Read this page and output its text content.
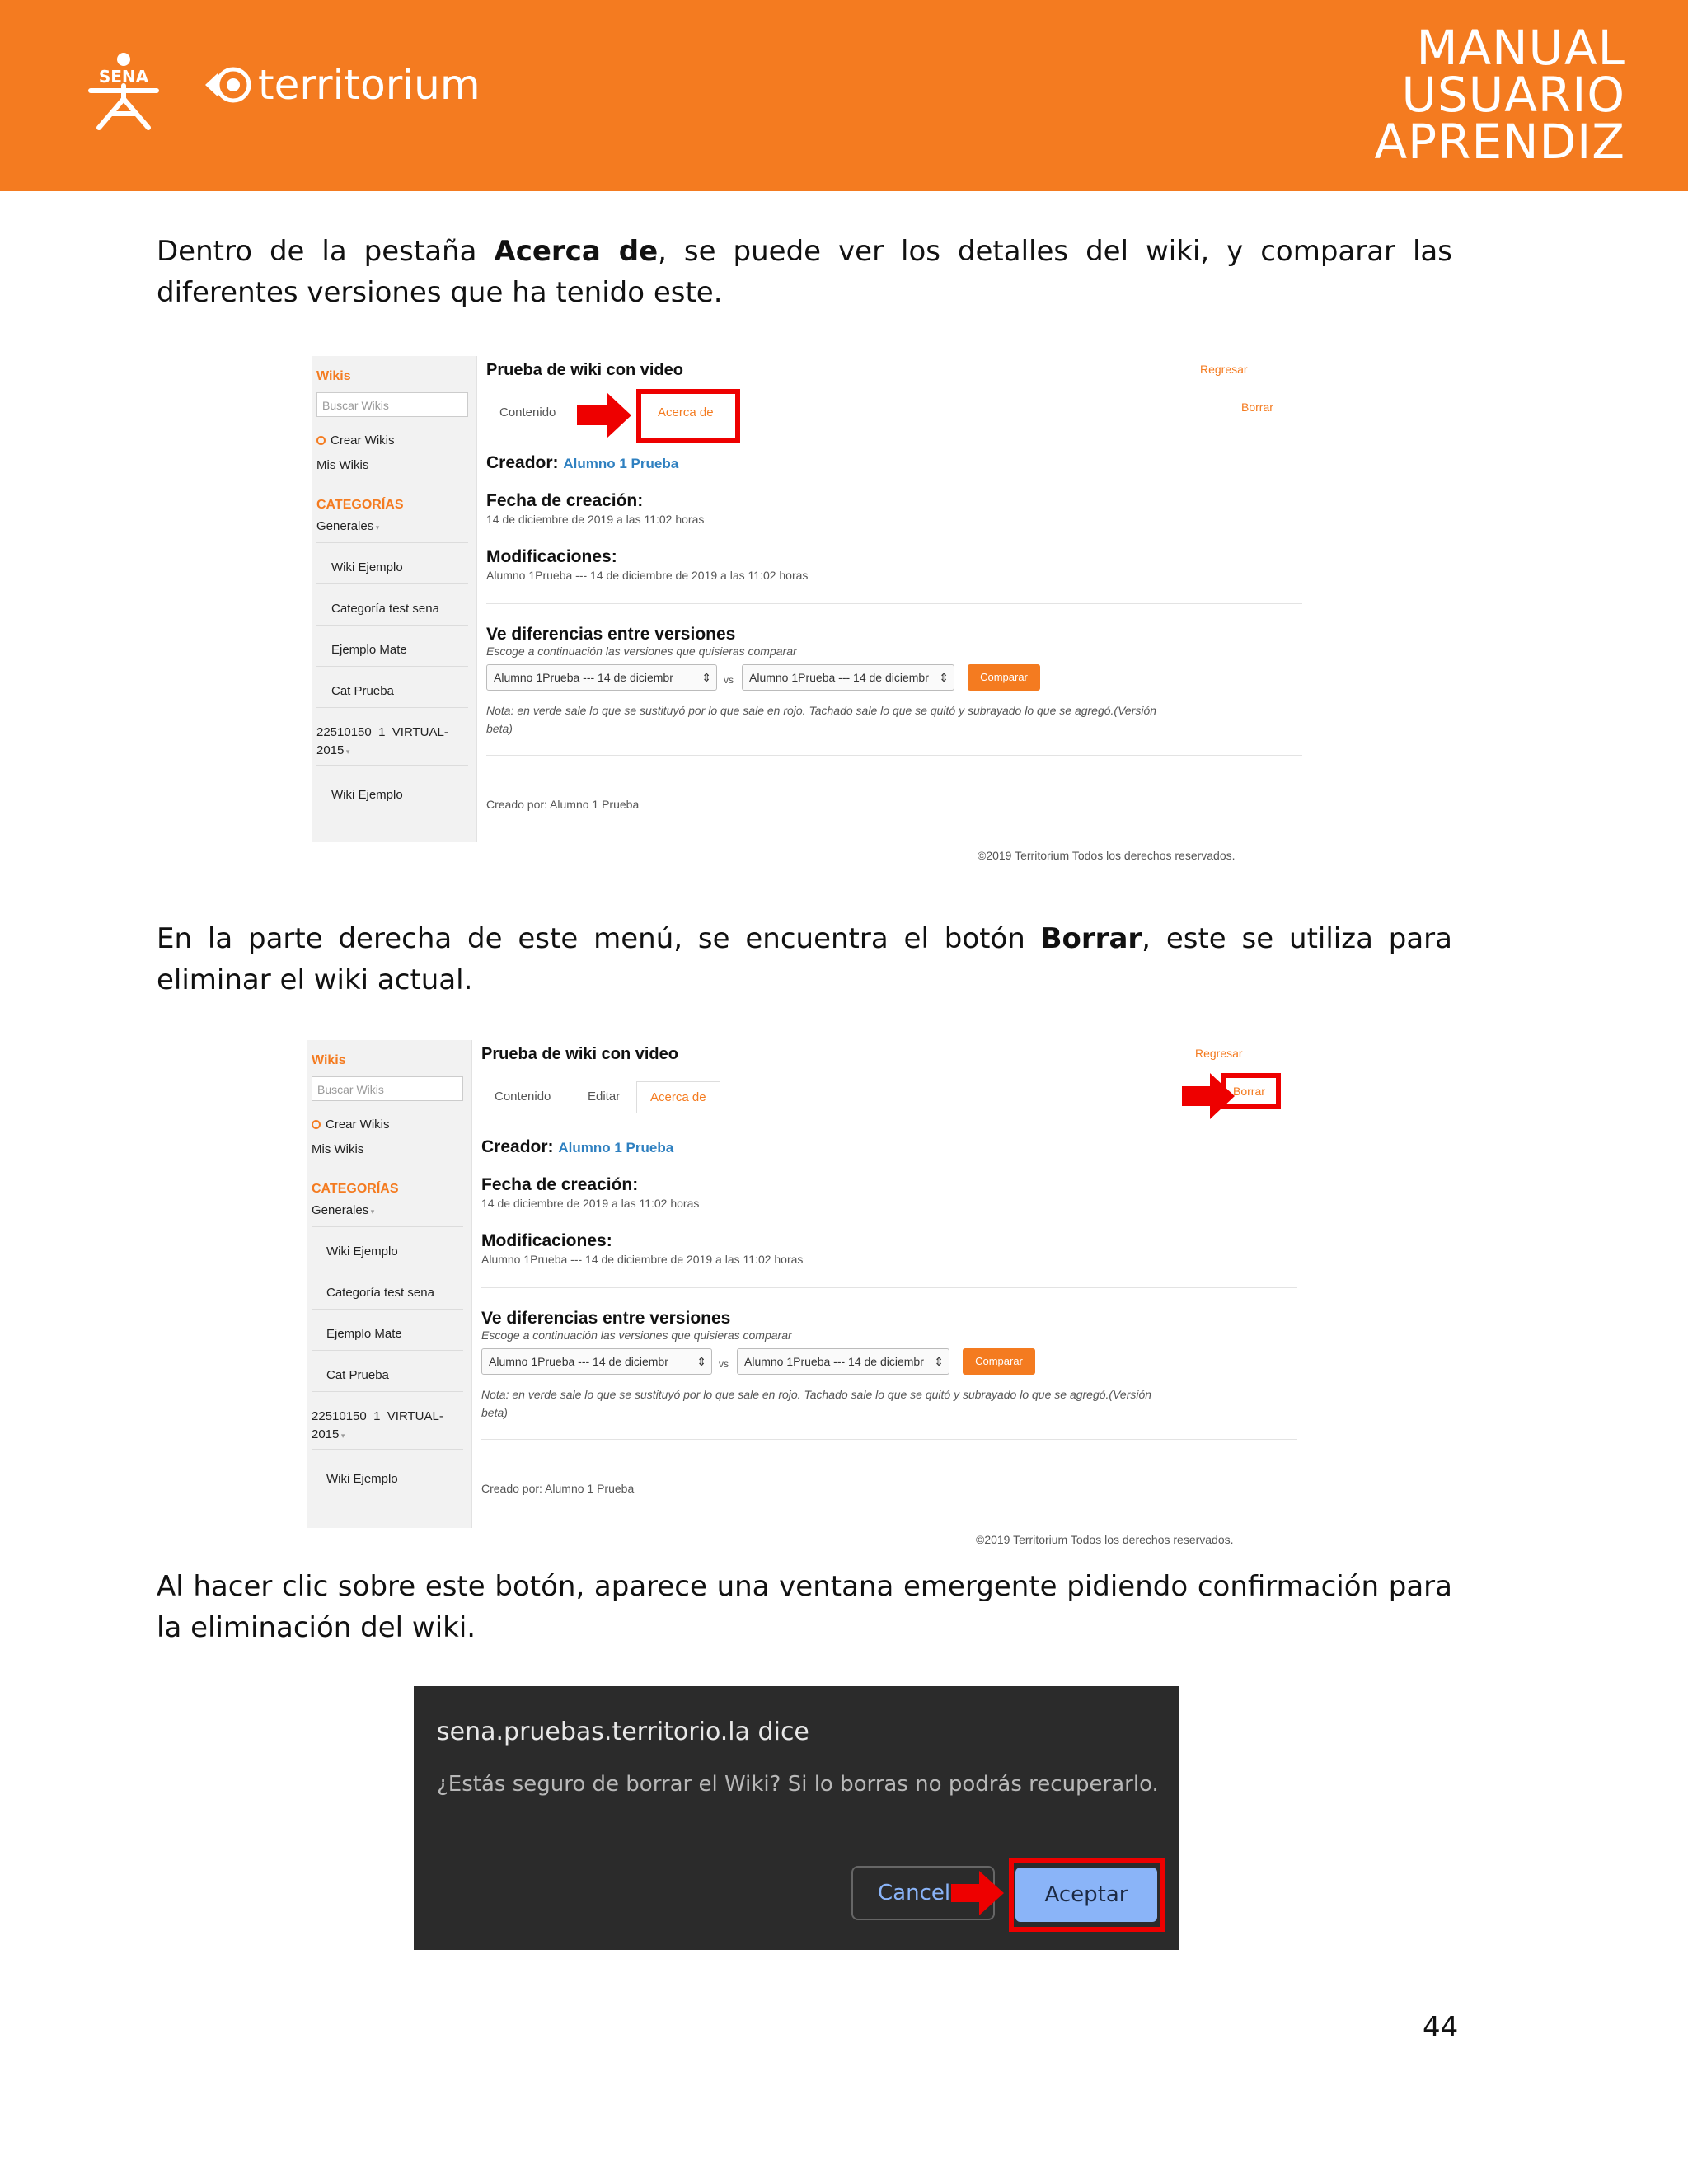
SENA	territorium
MANUAL
USUARIO
APRENDIZ
Dentro de la pestaña Acerca de, se puede ver los detalles del wiki, y comparar las diferentes versiones que ha tenido este.
Wikis
Buscar Wikis
Crear Wikis
Mis Wikis
CATEGORÍAS
Generales ▾
Wiki Ejemplo
Categoría test sena
Ejemplo Mate
Cat Prueba
22510150_1_VIRTUAL-
2015 ▾
Wiki Ejemplo
Prueba de wiki con video	Regresar
Borrar
Contenido	Acerca de
Creador: Alumno 1 Prueba
Fecha de creación:
14 de diciembre de 2019 a las 11:02 horas
Modificaciones:
Alumno 1Prueba --- 14 de diciembre de 2019 a las 11:02 horas
Ve diferencias entre versiones
Escoge a continuación las versiones que quisieras comparar
Alumno 1Prueba --- 14 de diciembr ⇕ vs	Alumno 1Prueba --- 14 de diciembr ⇕	Comparar
Nota: en verde sale lo que se sustituyó por lo que sale en rojo. Tachado sale lo que se quitó y subrayado lo que se agregó.(Versión
beta)
Creado por: Alumno 1 Prueba
©2019 Territorium Todos los derechos reservados.
En la parte derecha de este menú, se encuentra el botón Borrar, este se utiliza para eliminar el wiki actual.
Wikis
Buscar Wikis
Crear Wikis
Mis Wikis
CATEGORÍAS
Generales ▾
Wiki Ejemplo
Categoría test sena
Ejemplo Mate
Cat Prueba
22510150_1_VIRTUAL-
2015 ▾
Wiki Ejemplo
Prueba de wiki con video	Regresar
Borrar
Contenido	Editar	Acerca de
Creador: Alumno 1 Prueba
Fecha de creación:
14 de diciembre de 2019 a las 11:02 horas
Modificaciones:
Alumno 1Prueba --- 14 de diciembre de 2019 a las 11:02 horas
Ve diferencias entre versiones
Escoge a continuación las versiones que quisieras comparar
Alumno 1Prueba --- 14 de diciembr ⇕ vs	Alumno 1Prueba --- 14 de diciembr ⇕	Comparar
Nota: en verde sale lo que se sustituyó por lo que sale en rojo. Tachado sale lo que se quitó y subrayado lo que se agregó.(Versión
beta)
Creado por: Alumno 1 Prueba
©2019 Territorium Todos los derechos reservados.
Al hacer clic sobre este botón, aparece una ventana emergente pidiendo confirmación para la eliminación del wiki.
sena.pruebas.territorio.la dice
¿Estás seguro de borrar el Wiki? Si lo borras no podrás recuperarlo.
Cancel	Aceptar
44
